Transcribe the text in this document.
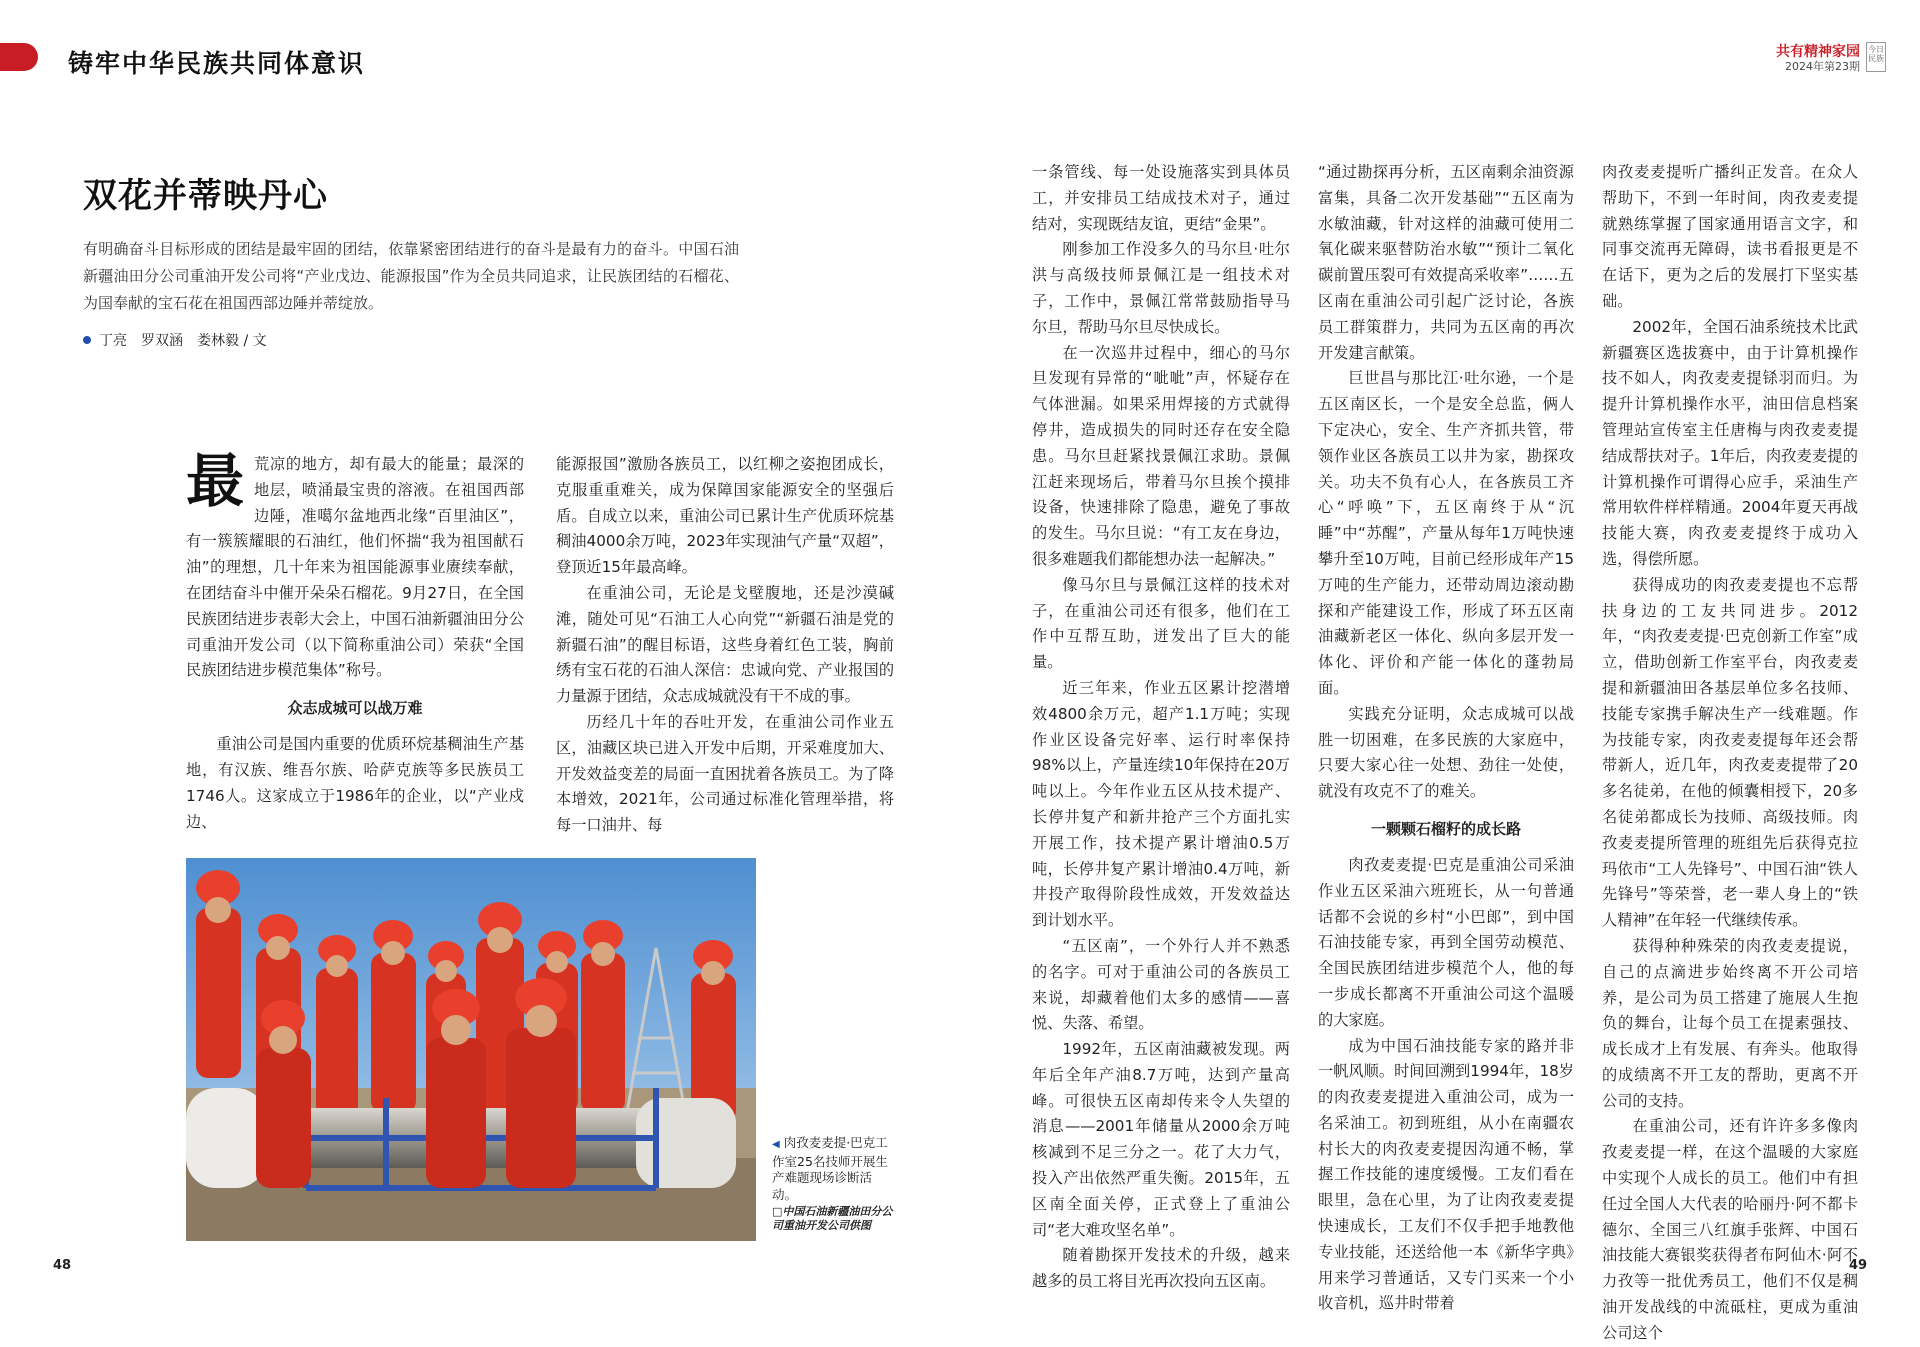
铸牢中华民族共同体意识	共有精神家园
2024年第23期
今日民族
双花并蒂映丹心
有明确奋斗目标形成的团结是最牢固的团结，依靠紧密团结进行的奋斗是最有力的奋斗。中国石油新疆油田分公司重油开发公司将“产业戊边、能源报国”作为全员共同追求，让民族团结的石榴花、为国奉献的宝石花在祖国西部边陲并蒂绽放。
丁亮　罗双涵　娄林毅 / 文

最荒凉的地方，却有最大的能量；最深的地层，喷涌最宝贵的溶液。在祖国西部边陲，准噶尔盆地西北缘“百里油区”，有一簇簇耀眼的石油红，他们怀揣“我为祖国献石油”的理想，几十年来为祖国能源事业赓续奉献，在团结奋斗中催开朵朵石榴花。9月27日，在全国民族团结进步表彰大会上，中国石油新疆油田分公司重油开发公司（以下简称重油公司）荣获“全国民族团结进步模范集体”称号。

众志成城可以战万难

重油公司是国内重要的优质环烷基稠油生产基地，有汉族、维吾尔族、哈萨克族等多民族员工1746人。这家成立于1986年的企业，以“产业戍边、

能源报国”激励各族员工，以红柳之姿抱团成长，克服重重难关，成为保障国家能源安全的坚强后盾。自成立以来，重油公司已累计生产优质环烷基稠油4000余万吨，2023年实现油气产量“双超”，登顶近15年最高峰。

在重油公司，无论是戈壁腹地，还是沙漠碱滩，随处可见“石油工人心向党”“新疆石油是党的新疆石油”的醒目标语，这些身着红色工装，胸前绣有宝石花的石油人深信：忠诚向党、产业报国的力量源于团结，众志成城就没有干不成的事。

历经几十年的吞吐开发，在重油公司作业五区，油藏区块已进入开发中后期，开采难度加大、开发效益变差的局面一直困扰着各族员工。为了降本增效，2021年，公司通过标准化管理举措，将每一口油井、每

◀ 肉孜麦麦提·巴克工作室25名技师开展生产难题现场诊断活动。
□中国石油新疆油田分公司重油开发公司供图

一条管线、每一处设施落实到具体员工，并安排员工结成技术对子，通过结对，实现既结友谊，更结“金果”。

刚参加工作没多久的马尔旦·吐尔洪与高级技师景佩江是一组技术对子，工作中，景佩江常常鼓励指导马尔旦，帮助马尔旦尽快成长。

在一次巡井过程中，细心的马尔旦发现有异常的“呲呲”声，怀疑存在气体泄漏。如果采用焊接的方式就得停井，造成损失的同时还存在安全隐患。马尔旦赶紧找景佩江求助。景佩江赶来现场后，带着马尔旦挨个摸排设备，快速排除了隐患，避免了事故的发生。马尔旦说：“有工友在身边，很多难题我们都能想办法一起解决。”

像马尔旦与景佩江这样的技术对子，在重油公司还有很多，他们在工作中互帮互助，迸发出了巨大的能量。

近三年来，作业五区累计挖潜增效4800余万元，超产1.1万吨；实现作业区设备完好率、运行时率保持98%以上，产量连续10年保持在20万吨以上。今年作业五区从技术提产、长停井复产和新井抢产三个方面扎实开展工作，技术提产累计增油0.5万吨，长停井复产累计增油0.4万吨，新井投产取得阶段性成效，开发效益达到计划水平。

“五区南”，一个外行人并不熟悉的名字。可对于重油公司的各族员工来说，却藏着他们太多的感情——喜悦、失落、希望。

1992年，五区南油藏被发现。两年后全年产油8.7万吨，达到产量高峰。可很快五区南却传来令人失望的消息——2001年储量从2000余万吨核减到不足三分之一。花了大力气，投入产出依然严重失衡。2015年，五区南全面关停，正式登上了重油公司“老大难攻坚名单”。

随着勘探开发技术的升级，越来越多的员工将目光再次投向五区南。

“通过勘探再分析，五区南剩余油资源富集，具备二次开发基础”“五区南为水敏油藏，针对这样的油藏可使用二氧化碳来驱替防治水敏”“预计二氧化碳前置压裂可有效提高采收率”……五区南在重油公司引起广泛讨论，各族员工群策群力，共同为五区南的再次开发建言献策。

巨世昌与那比江·吐尔逊，一个是五区南区长，一个是安全总监，俩人下定决心，安全、生产齐抓共管，带领作业区各族员工以井为家，勘探攻关。功夫不负有心人，在各族员工齐心“呼唤”下，五区南终于从“沉睡”中“苏醒”，产量从每年1万吨快速攀升至10万吨，目前已经形成年产15万吨的生产能力，还带动周边滚动勘探和产能建设工作，形成了环五区南油藏新老区一体化、纵向多层开发一体化、评价和产能一体化的蓬勃局面。

实践充分证明，众志成城可以战胜一切困难，在多民族的大家庭中，只要大家心往一处想、劲往一处使，就没有攻克不了的难关。

一颗颗石榴籽的成长路

肉孜麦麦提·巴克是重油公司采油作业五区采油六班班长，从一句普通话都不会说的乡村“小巴郎”，到中国石油技能专家，再到全国劳动模范、全国民族团结进步模范个人，他的每一步成长都离不开重油公司这个温暖的大家庭。

成为中国石油技能专家的路并非一帆风顺。时间回溯到1994年，18岁的肉孜麦麦提进入重油公司，成为一名采油工。初到班组，从小在南疆农村长大的肉孜麦麦提因沟通不畅，掌握工作技能的速度缓慢。工友们看在眼里，急在心里，为了让肉孜麦麦提快速成长，工友们不仅手把手地教他专业技能，还送给他一本《新华字典》用来学习普通话，又专门买来一个小收音机，巡井时带着

肉孜麦麦提听广播纠正发音。在众人帮助下，不到一年时间，肉孜麦麦提就熟练掌握了国家通用语言文字，和同事交流再无障碍，读书看报更是不在话下，更为之后的发展打下坚实基础。

2002年，全国石油系统技术比武新疆赛区选拔赛中，由于计算机操作技不如人，肉孜麦麦提铩羽而归。为提升计算机操作水平，油田信息档案管理站宣传室主任唐梅与肉孜麦麦提结成帮扶对子。1年后，肉孜麦麦提的计算机操作可谓得心应手，采油生产常用软件样样精通。2004年夏天再战技能大赛，肉孜麦麦提终于成功入选，得偿所愿。

获得成功的肉孜麦麦提也不忘帮扶身边的工友共同进步。2012年，“肉孜麦麦提·巴克创新工作室”成立，借助创新工作室平台，肉孜麦麦提和新疆油田各基层单位多名技师、技能专家携手解决生产一线难题。作为技能专家，肉孜麦麦提每年还会帮带新人，近几年，肉孜麦麦提带了20多名徒弟，在他的倾囊相授下，20多名徒弟都成长为技师、高级技师。肉孜麦麦提所管理的班组先后获得克拉玛依市“工人先锋号”、中国石油“铁人先锋号”等荣誉，老一辈人身上的“铁人精神”在年轻一代继续传承。

获得种种殊荣的肉孜麦麦提说，自己的点滴进步始终离不开公司培养，是公司为员工搭建了施展人生抱负的舞台，让每个员工在提素强技、成长成才上有发展、有奔头。他取得的成绩离不开工友的帮助，更离不开公司的支持。

在重油公司，还有许许多多像肉孜麦麦提一样，在这个温暖的大家庭中实现个人成长的员工。他们中有担任过全国人大代表的哈丽丹·阿不都卡德尔、全国三八红旗手张辉、中国石油技能大赛银奖获得者布阿仙木·阿不力孜等一批优秀员工，他们不仅是稠油开发战线的中流砥柱，更成为重油公司这个

48	49
